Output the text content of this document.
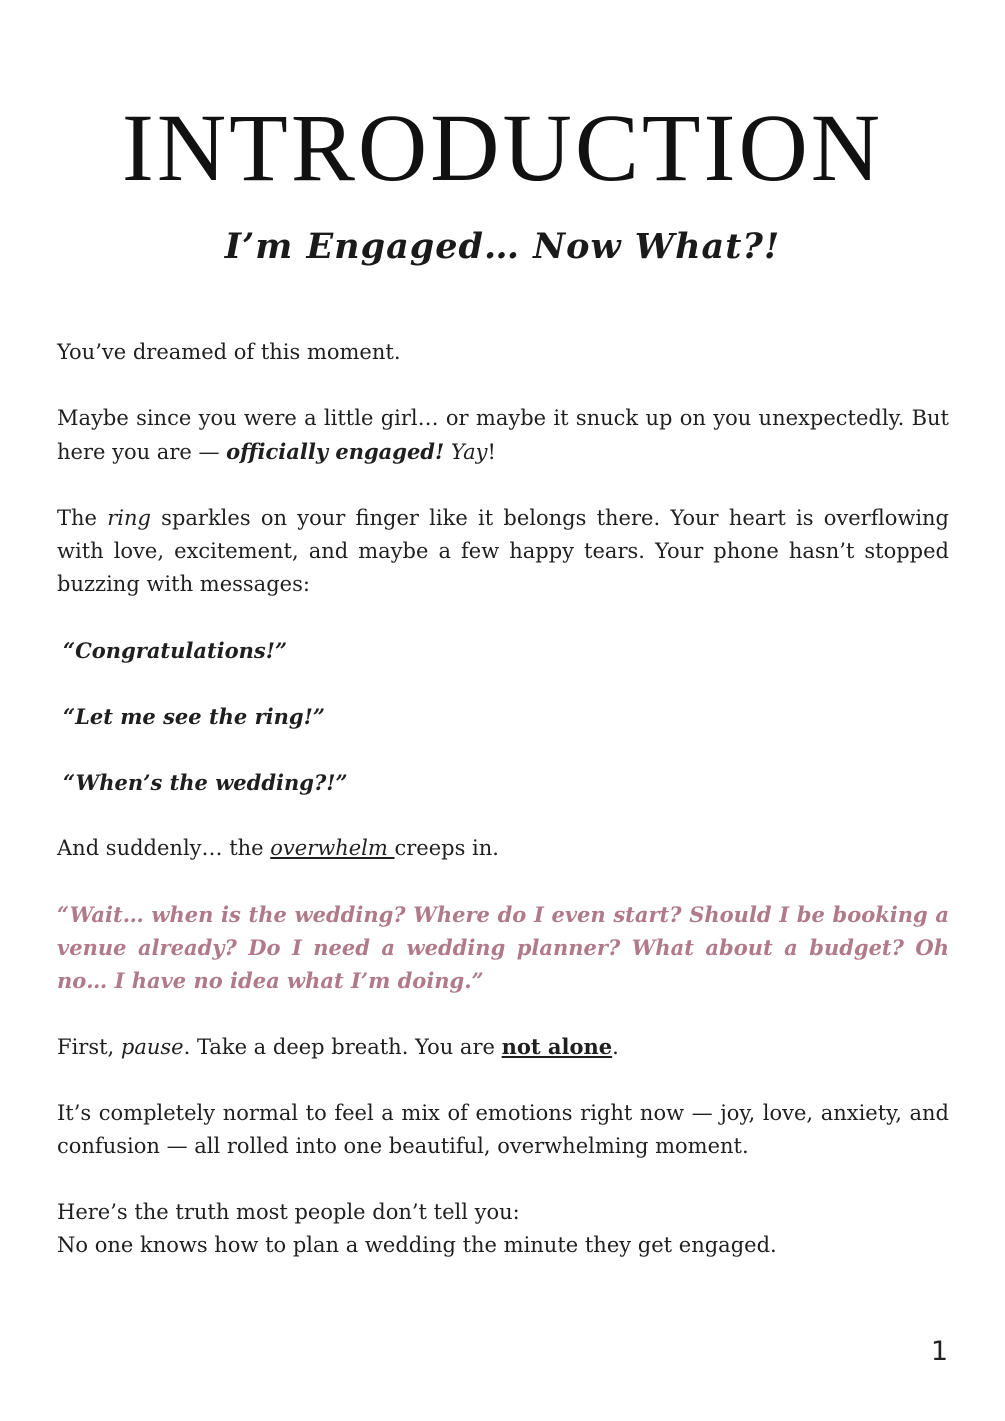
INTRODUCTION
I’m Engaged… Now What?!

You’ve dreamed of this moment.

Maybe since you were a little girl… or maybe it snuck up on you unexpectedly. But here you are — officially engaged! Yay!

The ring sparkles on your finger like it belongs there. Your heart is overflowing with love, excitement, and maybe a few happy tears. Your phone hasn’t stopped buzzing with messages:

“Congratulations!”

“Let me see the ring!”

“When’s the wedding?!”

And suddenly… the overwhelm creeps in.

“Wait… when is the wedding? Where do I even start? Should I be booking a venue already? Do I need a wedding planner? What about a budget? Oh no… I have no idea what I’m doing.”

First, pause. Take a deep breath. You are not alone.

It’s completely normal to feel a mix of emotions right now — joy, love, anxiety, and confusion — all rolled into one beautiful, overwhelming moment.

Here’s the truth most people don’t tell you:
No one knows how to plan a wedding the minute they get engaged.

1
